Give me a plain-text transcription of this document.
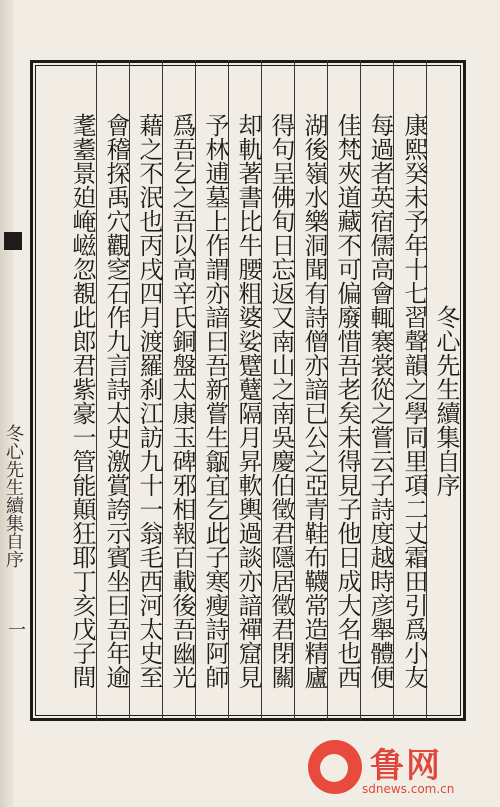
冬心先生續集自序
康熙癸未予年十七習聲韻之學同里項二丈霜田引爲小友
每過者英宿儒高會輒褰裳從之嘗云子詩度越時彦舉體便
佳梵夾道藏不可偏廢惜吾老矣未得見子他日成大名也西
湖後嶺水樂洞聞有詩僧亦諳已公之亞青鞋布韈常造精廬
得句呈佛旬日忘返又南山之南吳慶伯徵君隱居徵君閉關
却軌著書比牛腰粗婆娑躄躠隔月昇軟輿過談亦諳禪窟見
予林逋墓上作謂亦諳曰吾新嘗生㽂宜乞此子寒瘦詩阿師
爲吾乞之吾以高辛氏銅盤太康玉碑邪相報百載後吾幽光
藉之不泯也丙戌四月渡羅刹江訪九十一翁毛西河太史至
會稽探禹穴觀窆石作九言詩太史激賞誇示賓坐曰吾年逾
耄耋景廹崦嵫忽覩此郎君紫豪一管能顛狂耶丁亥戊子間
冬心先生續集自序
一
鲁网
sdnews.com.cn
